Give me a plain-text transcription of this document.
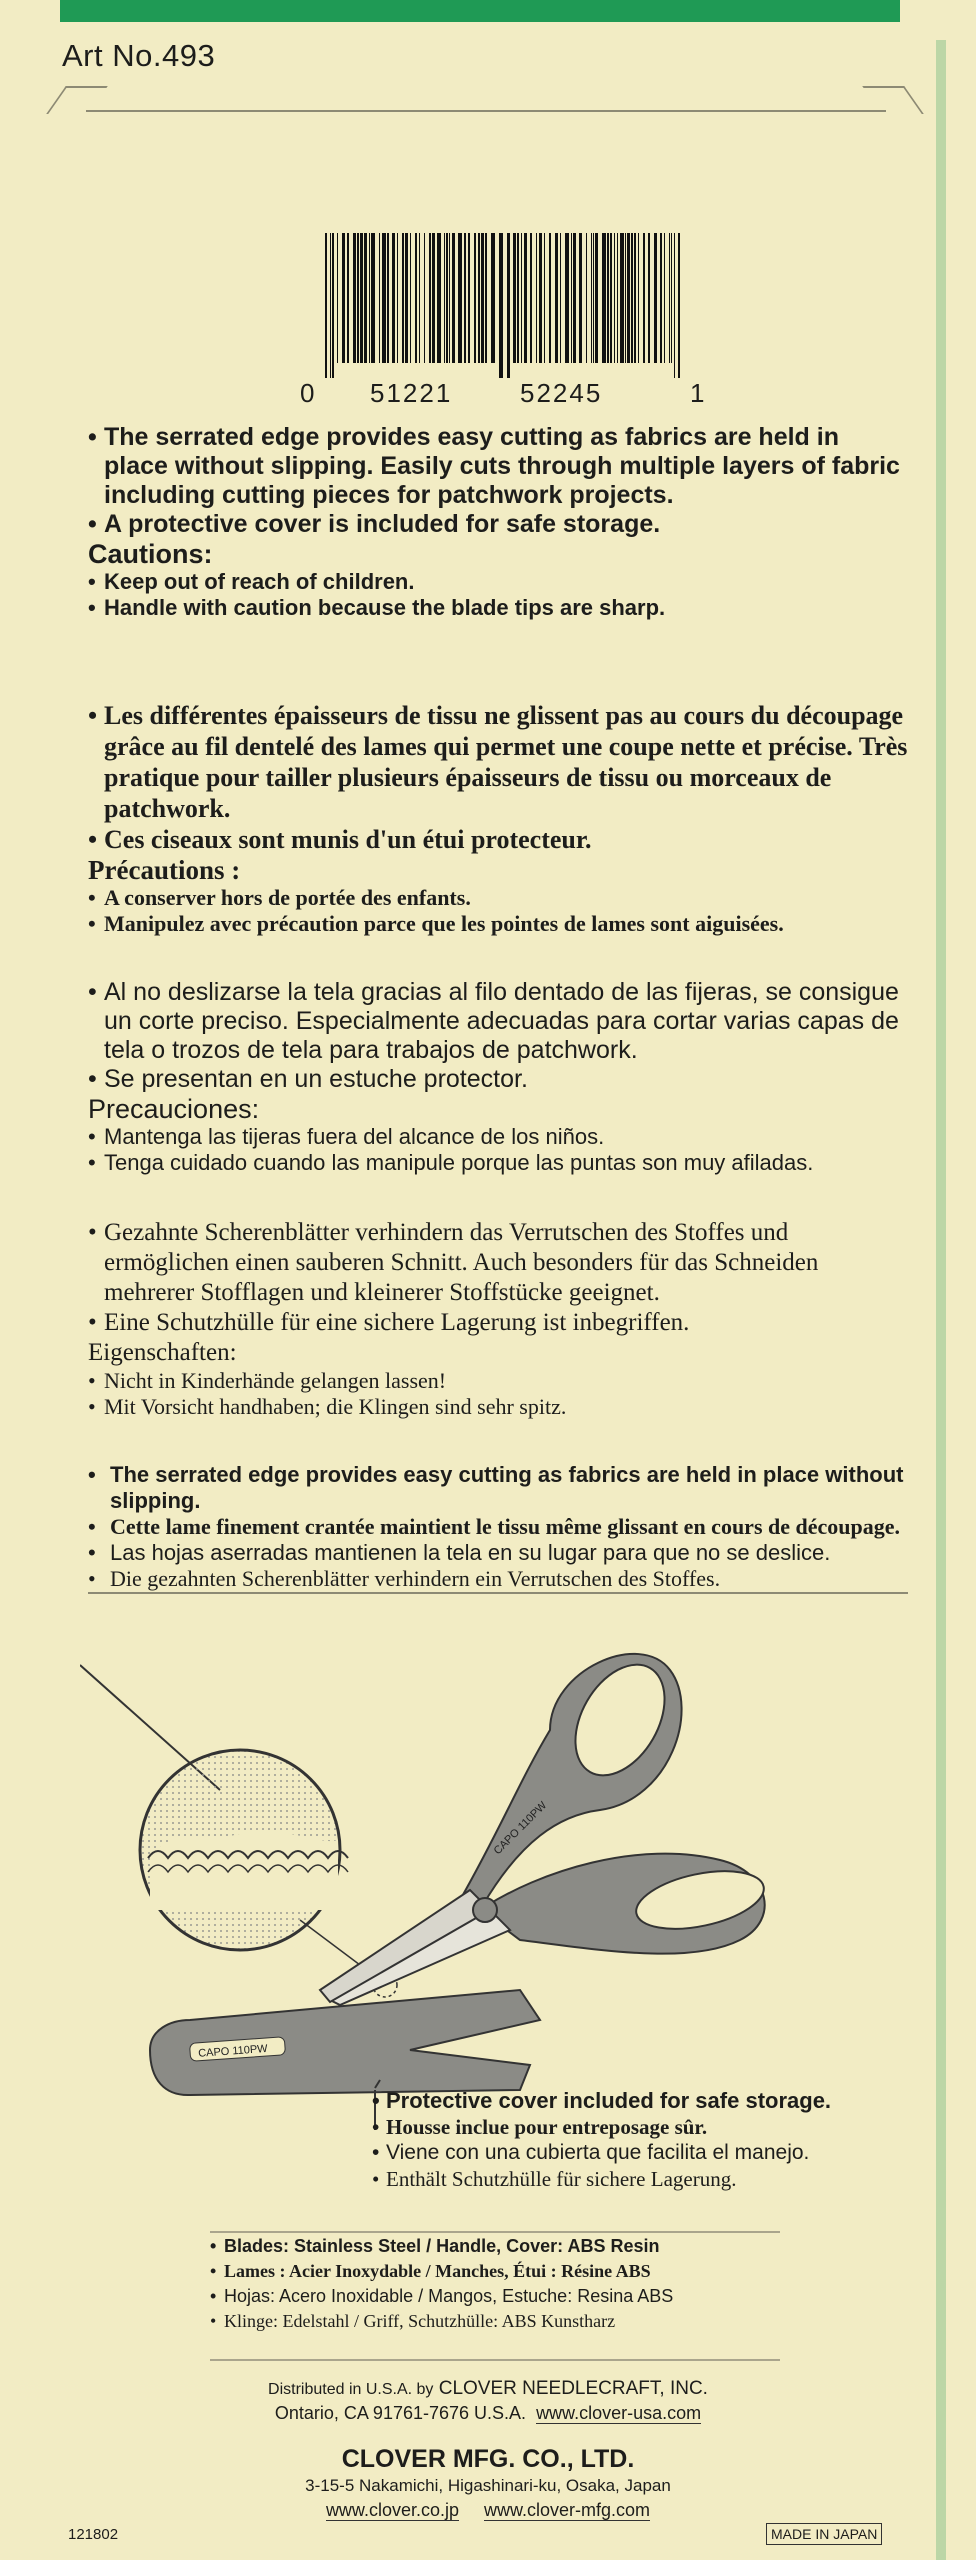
Art No.493
0 51221	52245	1

• The serrated edge provides easy cutting as fabrics are held in place without slipping. Easily cuts through multiple layers of fabric including cutting pieces for patchwork projects.

• A protective cover is included for safe storage.

Cautions:

• Keep out of reach of children.

• Handle with caution because the blade tips are sharp.

• Les différentes épaisseurs de tissu ne glissent pas au cours du découpage grâce au fil dentelé des lames qui permet une coupe nette et précise. Très pratique pour tailler plusieurs épaisseurs de tissu ou morceaux de patchwork.

• Ces ciseaux sont munis d'un étui protecteur.

Précautions :

• A conserver hors de portée des enfants.

• Manipulez avec précaution parce que les pointes de lames sont aiguisées.

• Al no deslizarse la tela gracias al filo dentado de las fijeras, se consigue un corte preciso. Especialmente adecuadas para cortar varias capas de tela o trozos de tela para trabajos de patchwork.

• Se presentan en un estuche protector.

Precauciones:

• Mantenga las tijeras fuera del alcance de los niños.

• Tenga cuidado cuando las manipule porque las puntas son muy afiladas.

• Gezahnte Scherenblätter verhindern das Verrutschen des Stoffes und ermöglichen einen sauberen Schnitt. Auch besonders für das Schneiden mehrerer Stofflagen und kleinerer Stoffstücke geeignet.

• Eine Schutzhülle für eine sichere Lagerung ist inbegriffen.

Eigenschaften:

• Nicht in Kinderhände gelangen lassen!

• Mit Vorsicht handhaben; die Klingen sind sehr spitz.

• The serrated edge provides easy cutting as fabrics are held in place without slipping.
• Cette lame finement crantée maintient le tissu même glissant en cours de découpage.
• Las hojas aserradas mantienen la tela en su lugar para que no se deslice.
• Die gezahnten Scherenblätter verhindern ein Verrutschen des Stoffes.
CAPO 110PW
CAPO 110PW
• Protective cover included for safe storage.
• Housse inclue pour entreposage sûr.
• Viene con una cubierta que facilita el manejo.
• Enthält Schutzhülle für sichere Lagerung.
• Blades: Stainless Steel / Handle, Cover: ABS Resin
• Lames : Acier Inoxydable / Manches, Étui : Résine ABS
• Hojas: Acero Inoxidable / Mangos, Estuche: Resina ABS
• Klinge: Edelstahl / Griff, Schutzhülle: ABS Kunstharz
Distributed in U.S.A. by CLOVER NEEDLECRAFT, INC.
Ontario, CA 91761-7676 U.S.A. www.clover-usa.com
CLOVER MFG. CO., LTD.
3-15-5 Nakamichi, Higashinari-ku, Osaka, Japan
www.clover.co.jp www.clover-mfg.com
121802	MADE IN JAPAN
